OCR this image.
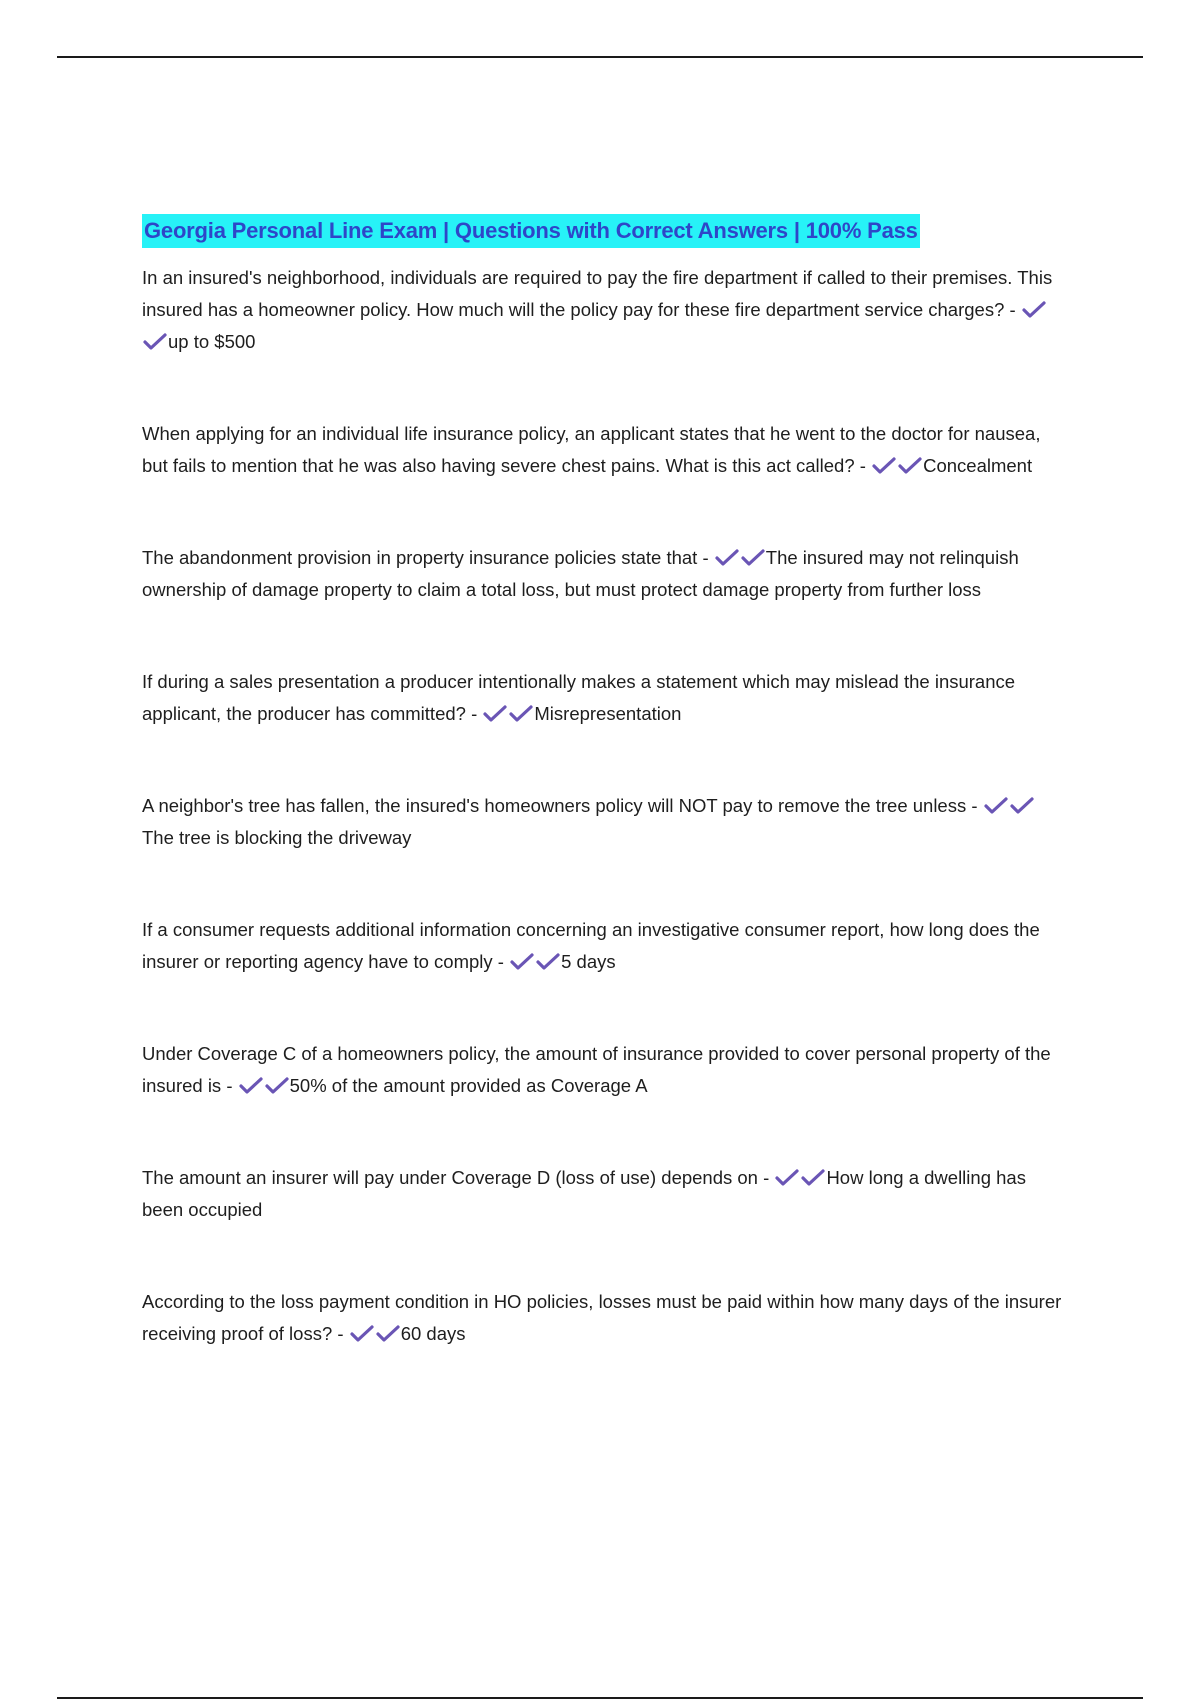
Georgia Personal Line Exam | Questions with Correct Answers | 100% Pass

In an insured's neighborhood, individuals are required to pay the fire department if called to their premises. This insured has a homeowner policy. How much will the policy pay for these fire department service charges? -
up to $500

When applying for an individual life insurance policy, an applicant states that he went to the doctor for nausea, but fails to mention that he was also having severe chest pains. What is this act called? -	Concealment

The abandonment provision in property insurance policies state that -	The insured may not relinquish ownership of damage property to claim a total loss, but must protect damage property from further loss

If during a sales presentation a producer intentionally makes a statement which may mislead the insurance applicant, the producer has committed? -	Misrepresentation

A neighbor's tree has fallen, the insured's homeowners policy will NOT pay to remove the tree unless -
The tree is blocking the driveway

If a consumer requests additional information concerning an investigative consumer report, how long does the insurer or reporting agency have to comply -	5 days

Under Coverage C of a homeowners policy, the amount of insurance provided to cover personal property of the insured is -	50% of the amount provided as Coverage A

The amount an insurer will pay under Coverage D (loss of use) depends on -	How long a dwelling has been occupied

According to the loss payment condition in HO policies, losses must be paid within how many days of the insurer receiving proof of loss? -	60 days
